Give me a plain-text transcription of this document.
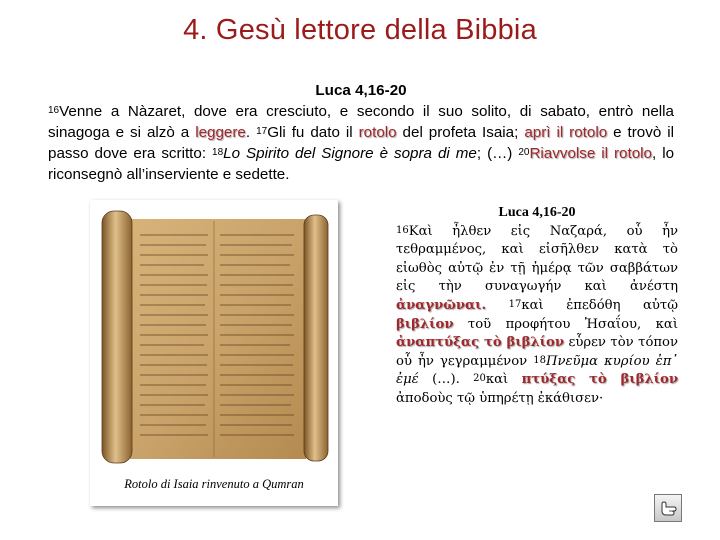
4. Gesù lettore della Bibbia
Luca 4,16-20
$^{16}$Venne a Nàzaret, dove era cresciuto, e secondo il suo solito, di sabato, entrò nella sinagoga e si alzò a leggere. $^{17}$Gli fu dato il rotolo del profeta Isaia; aprì il rotolo e trovò il passo dove era scritto: $^{18}$Lo Spirito del Signore è sopra di me; (…) $^{20}$Riavvolse il rotolo, lo riconsegnò all’inserviente e sedette.
Rotolo di Isaia rinvenuto a Qumran
Luca 4,16-20
$^{16}$Καὶ ἦλθεν εἰς Ναζαρά, οὗ ἦν τεθραμμένος, καὶ εἰσῆλθεν κατὰ τὸ εἰωθὸς αὐτῷ ἐν τῇ ἡμέρᾳ τῶν σαββάτων εἰς τὴν συναγωγήν καὶ ἀνέστη ἀναγνῶναι. $^{17}$καὶ ἐπεδόθη αὐτῷ βιβλίον τοῦ προφήτου Ἠσαΐου, καὶ ἀναπτύξας τὸ βιβλίον εὗρεν τὸν τόπον οὗ ἦν γεγραμμένον $^{18}$Πνεῦμα κυρίου ἐπ᾽ ἐμέ (…). $^{20}$καὶ πτύξας τὸ βιβλίον ἀποδοὺς τῷ ὑπηρέτῃ ἐκάθισεν·
